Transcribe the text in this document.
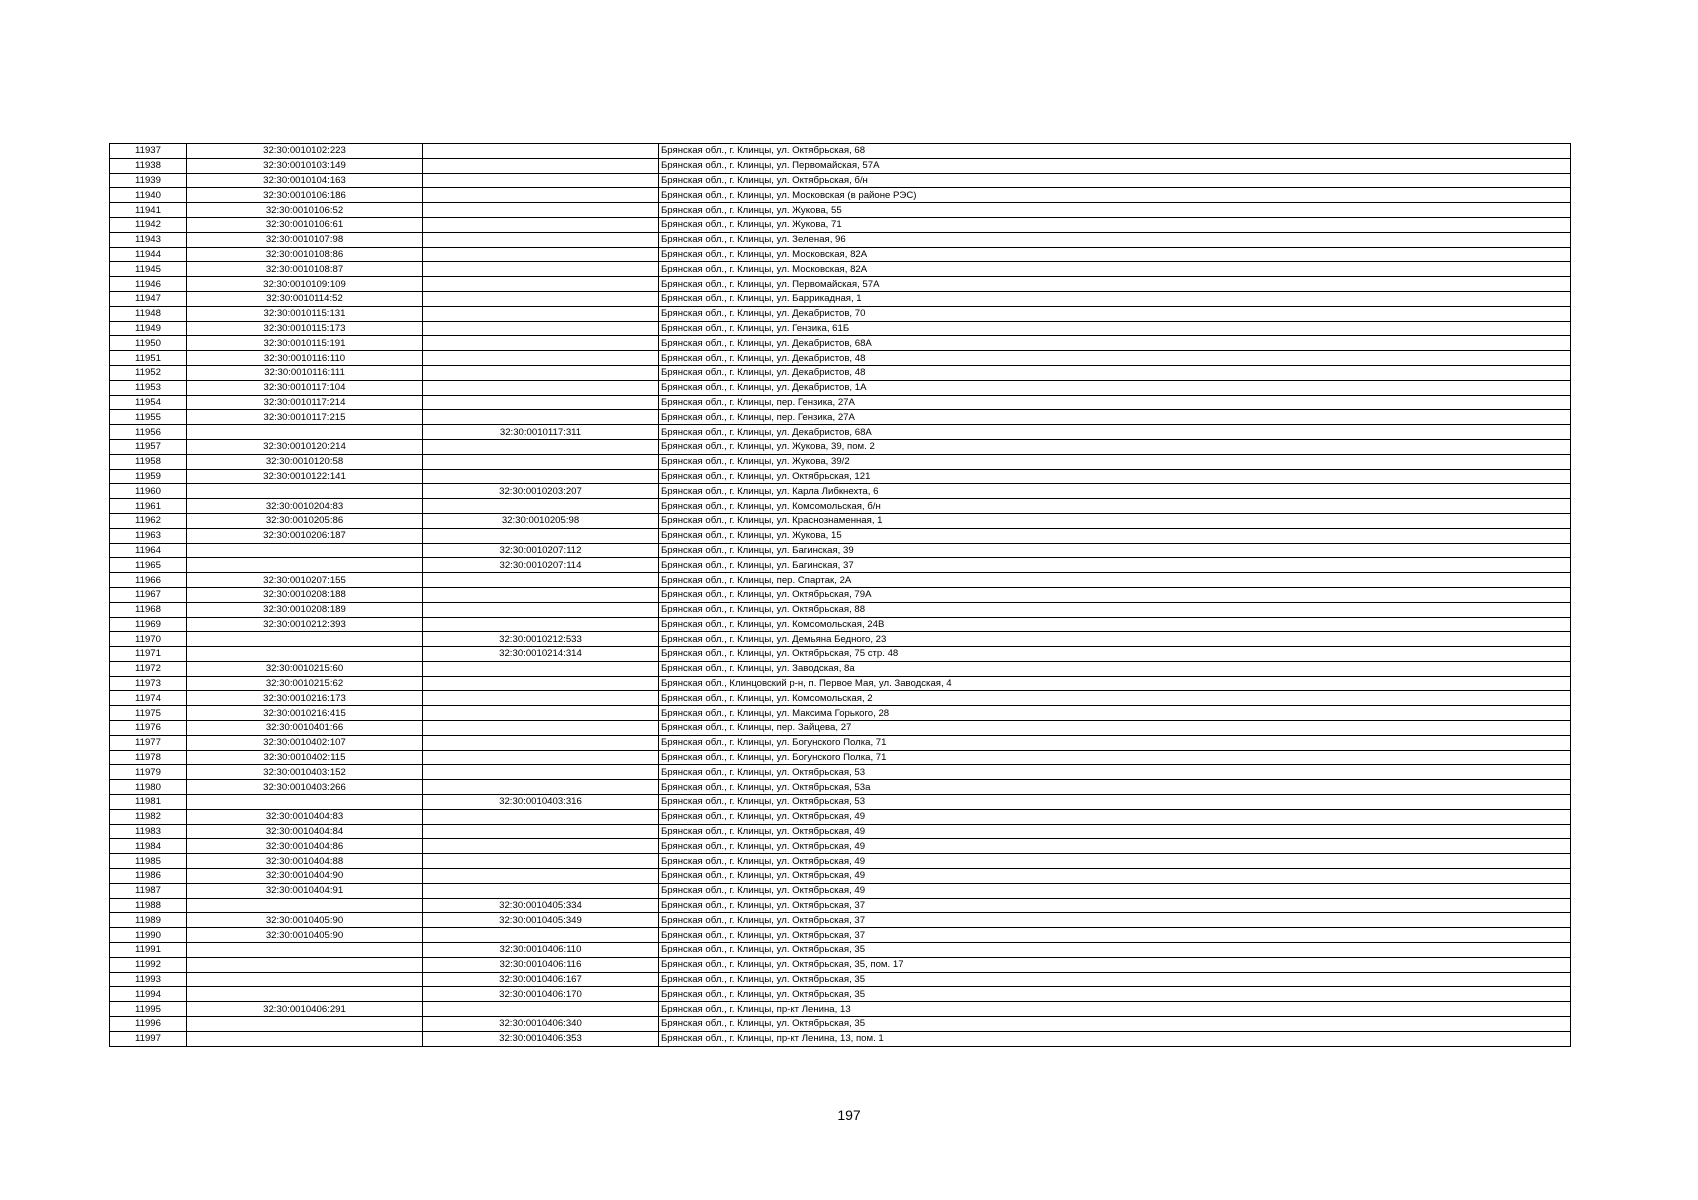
11937	32:30:0010102:223		Брянская обл., г. Клинцы, ул. Октябрьская, 68
11938	32:30:0010103:149		Брянская обл., г. Клинцы, ул. Первомайская, 57А
11939	32:30:0010104:163		Брянская обл., г. Клинцы, ул. Октябрьская, б/н
11940	32:30:0010106:186		Брянская обл., г. Клинцы, ул. Московская (в районе РЭС)
11941	32:30:0010106:52		Брянская обл., г. Клинцы, ул. Жукова, 55
11942	32:30:0010106:61		Брянская обл., г. Клинцы, ул. Жукова, 71
11943	32:30:0010107:98		Брянская обл., г. Клинцы, ул. Зеленая, 96
11944	32:30:0010108:86		Брянская обл., г. Клинцы, ул. Московская, 82А
11945	32:30:0010108:87		Брянская обл., г. Клинцы, ул. Московская, 82А
11946	32:30:0010109:109		Брянская обл., г. Клинцы, ул. Первомайская, 57А
11947	32:30:0010114:52		Брянская обл., г. Клинцы, ул. Баррикадная, 1
11948	32:30:0010115:131		Брянская обл., г. Клинцы, ул. Декабристов, 70
11949	32:30:0010115:173		Брянская обл., г. Клинцы, ул. Гензика, 61Б
11950	32:30:0010115:191		Брянская обл., г. Клинцы, ул. Декабристов, 68А
11951	32:30:0010116:110		Брянская обл., г. Клинцы, ул. Декабристов, 48
11952	32:30:0010116:111		Брянская обл., г. Клинцы, ул. Декабристов, 48
11953	32:30:0010117:104		Брянская обл., г. Клинцы, ул. Декабристов, 1А
11954	32:30:0010117:214		Брянская обл., г. Клинцы, пер. Гензика, 27А
11955	32:30:0010117:215		Брянская обл., г. Клинцы, пер. Гензика, 27А
11956		32:30:0010117:311	Брянская обл., г. Клинцы, ул. Декабристов, 68А
11957	32:30:0010120:214		Брянская обл., г. Клинцы, ул. Жукова, 39, пом. 2
11958	32:30:0010120:58		Брянская обл., г. Клинцы, ул. Жукова, 39/2
11959	32:30:0010122:141		Брянская обл., г. Клинцы, ул. Октябрьская, 121
11960		32:30:0010203:207	Брянская обл., г. Клинцы, ул. Карла Либкнехта, 6
11961	32:30:0010204:83		Брянская обл., г. Клинцы, ул. Комсомольская, б/н
11962	32:30:0010205:86	32:30:0010205:98	Брянская обл., г. Клинцы, ул. Краснознаменная, 1
11963	32:30:0010206:187		Брянская обл., г. Клинцы, ул. Жукова, 15
11964		32:30:0010207:112	Брянская обл., г. Клинцы, ул. Багинская, 39
11965		32:30:0010207:114	Брянская обл., г. Клинцы, ул. Багинская, 37
11966	32:30:0010207:155		Брянская обл., г. Клинцы, пер. Спартак, 2А
11967	32:30:0010208:188		Брянская обл., г. Клинцы, ул. Октябрьская, 79А
11968	32:30:0010208:189		Брянская обл., г. Клинцы, ул. Октябрьская, 88
11969	32:30:0010212:393		Брянская обл., г. Клинцы, ул. Комсомольская, 24В
11970		32:30:0010212:533	Брянская обл., г. Клинцы, ул. Демьяна Бедного, 23
11971		32:30:0010214:314	Брянская обл., г. Клинцы, ул. Октябрьская, 75 стр. 48
11972	32:30:0010215:60		Брянская обл., г. Клинцы, ул. Заводская, 8а
11973	32:30:0010215:62		Брянская обл., Клинцовский р-н, п. Первое Мая, ул. Заводская, 4
11974	32:30:0010216:173		Брянская обл., г. Клинцы, ул. Комсомольская, 2
11975	32:30:0010216:415		Брянская обл., г. Клинцы, ул. Максима Горького, 28
11976	32:30:0010401:66		Брянская обл., г. Клинцы, пер. Зайцева, 27
11977	32:30:0010402:107		Брянская обл., г. Клинцы, ул. Богунского Полка, 71
11978	32:30:0010402:115		Брянская обл., г. Клинцы, ул. Богунского Полка, 71
11979	32:30:0010403:152		Брянская обл., г. Клинцы, ул. Октябрьская, 53
11980	32:30:0010403:266		Брянская обл., г. Клинцы, ул. Октябрьская, 53а
11981		32:30:0010403:316	Брянская обл., г. Клинцы, ул. Октябрьская, 53
11982	32:30:0010404:83		Брянская обл., г. Клинцы, ул. Октябрьская, 49
11983	32:30:0010404:84		Брянская обл., г. Клинцы, ул. Октябрьская, 49
11984	32:30:0010404:86		Брянская обл., г. Клинцы, ул. Октябрьская, 49
11985	32:30:0010404:88		Брянская обл., г. Клинцы, ул. Октябрьская, 49
11986	32:30:0010404:90		Брянская обл., г. Клинцы, ул. Октябрьская, 49
11987	32:30:0010404:91		Брянская обл., г. Клинцы, ул. Октябрьская, 49
11988		32:30:0010405:334	Брянская обл., г. Клинцы, ул. Октябрьская, 37
11989	32:30:0010405:90	32:30:0010405:349	Брянская обл., г. Клинцы, ул. Октябрьская, 37
11990	32:30:0010405:90		Брянская обл., г. Клинцы, ул. Октябрьская, 37
11991		32:30:0010406:110	Брянская обл., г. Клинцы, ул. Октябрьская, 35
11992		32:30:0010406:116	Брянская обл., г. Клинцы, ул. Октябрьская, 35, пом. 17
11993		32:30:0010406:167	Брянская обл., г. Клинцы, ул. Октябрьская, 35
11994		32:30:0010406:170	Брянская обл., г. Клинцы, ул. Октябрьская, 35
11995	32:30:0010406:291		Брянская обл., г. Клинцы, пр-кт Ленина, 13
11996		32:30:0010406:340	Брянская обл., г. Клинцы, ул. Октябрьская, 35
11997		32:30:0010406:353	Брянская обл., г. Клинцы, пр-кт Ленина, 13, пом. 1
197
